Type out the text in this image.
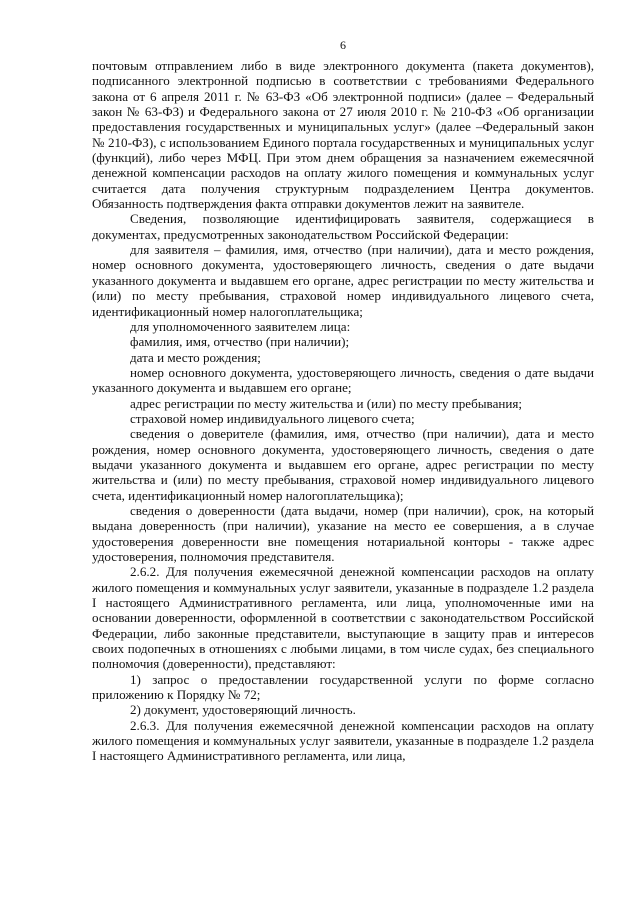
6

почтовым отправлением либо в виде электронного документа (пакета документов), подписанного электронной подписью в соответствии с требованиями Федерального закона от 6 апреля 2011 г. № 63-ФЗ «Об электронной подписи» (далее – Федеральный закон № 63-ФЗ) и Федерального закона от 27 июля 2010 г. № 210-ФЗ «Об организации предоставления государственных и муниципальных услуг» (далее –Федеральный закон № 210-ФЗ), с использованием Единого портала государственных и муниципальных услуг (функций), либо через МФЦ. При этом днем обращения за назначением ежемесячной денежной компенсации расходов на оплату жилого помещения и коммунальных услуг считается дата получения структурным подразделением Центра документов. Обязанность подтверждения факта отправки документов лежит на заявителе.

Сведения, позволяющие идентифицировать заявителя, содержащиеся в документах, предусмотренных законодательством Российской Федерации:

для заявителя – фамилия, имя, отчество (при наличии), дата и место рождения, номер основного документа, удостоверяющего личность, сведения о дате выдачи указанного документа и выдавшем его органе, адрес регистрации по месту жительства и (или) по месту пребывания, страховой номер индивидуального лицевого счета, идентификационный номер налогоплательщика;

для уполномоченного заявителем лица:

фамилия, имя, отчество (при наличии);

дата и место рождения;

номер основного документа, удостоверяющего личность, сведения о дате выдачи указанного документа и выдавшем его органе;

адрес регистрации по месту жительства и (или) по месту пребывания;

страховой номер индивидуального лицевого счета;

сведения о доверителе (фамилия, имя, отчество (при наличии), дата и место рождения, номер основного документа, удостоверяющего личность, сведения о дате выдачи указанного документа и выдавшем его органе, адрес регистрации по месту жительства и (или) по месту пребывания, страховой номер индивидуального лицевого счета, идентификационный номер налогоплательщика);

сведения о доверенности (дата выдачи, номер (при наличии), срок, на который выдана доверенность (при наличии), указание на место ее совершения, а в случае удостоверения доверенности вне помещения нотариальной конторы - также адрес удостоверения, полномочия представителя.

2.6.2. Для получения ежемесячной денежной компенсации расходов на оплату жилого помещения и коммунальных услуг заявители, указанные в подразделе 1.2 раздела I настоящего Административного регламента, или лица, уполномоченные ими на основании доверенности, оформленной в соответствии с законодательством Российской Федерации, либо законные представители, выступающие в защиту прав и интересов своих подопечных в отношениях с любыми лицами, в том числе судах, без специального полномочия (доверенности), представляют:

1) запрос о предоставлении государственной услуги по форме согласно приложению к Порядку № 72;

2) документ, удостоверяющий личность.

2.6.3. Для получения ежемесячной денежной компенсации расходов на оплату жилого помещения и коммунальных услуг заявители, указанные в подразделе 1.2 раздела I настоящего Административного регламента, или лица,
